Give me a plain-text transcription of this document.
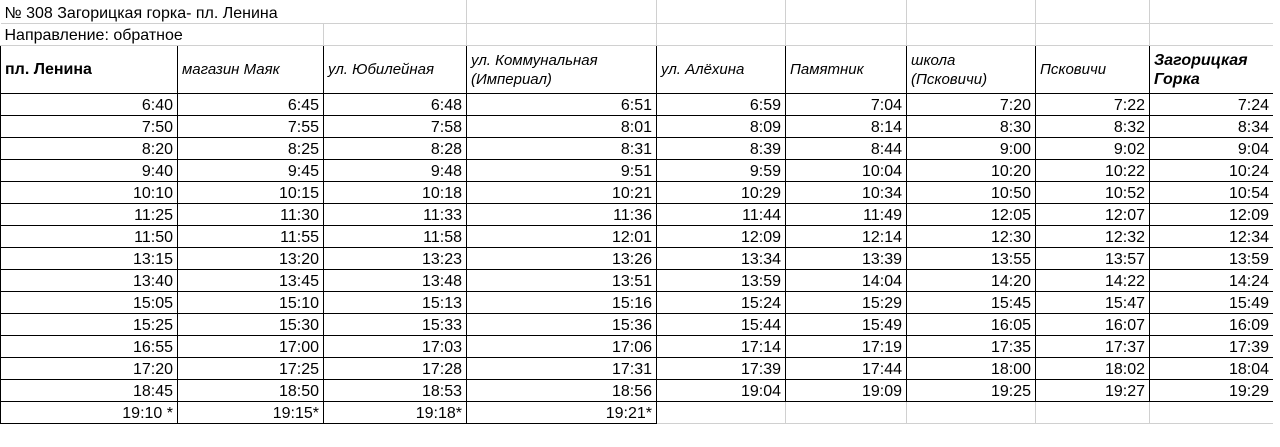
№ 308 Загорицкая горка- пл. Ленина								
Направление: обратное								
пл. Ленина	магазин Маяк	ул. Юбилейная	ул. Коммунальная (Империал)	ул. Алёхина	Памятник	школа (Псковичи)	Псковичи	Загорицкая Горка
6:40	6:45	6:48	6:51	6:59	7:04	7:20	7:22	7:24
7:50	7:55	7:58	8:01	8:09	8:14	8:30	8:32	8:34
8:20	8:25	8:28	8:31	8:39	8:44	9:00	9:02	9:04
9:40	9:45	9:48	9:51	9:59	10:04	10:20	10:22	10:24
10:10	10:15	10:18	10:21	10:29	10:34	10:50	10:52	10:54
11:25	11:30	11:33	11:36	11:44	11:49	12:05	12:07	12:09
11:50	11:55	11:58	12:01	12:09	12:14	12:30	12:32	12:34
13:15	13:20	13:23	13:26	13:34	13:39	13:55	13:57	13:59
13:40	13:45	13:48	13:51	13:59	14:04	14:20	14:22	14:24
15:05	15:10	15:13	15:16	15:24	15:29	15:45	15:47	15:49
15:25	15:30	15:33	15:36	15:44	15:49	16:05	16:07	16:09
16:55	17:00	17:03	17:06	17:14	17:19	17:35	17:37	17:39
17:20	17:25	17:28	17:31	17:39	17:44	18:00	18:02	18:04
18:45	18:50	18:53	18:56	19:04	19:09	19:25	19:27	19:29
19:10 *	19:15*	19:18*	19:21*					
